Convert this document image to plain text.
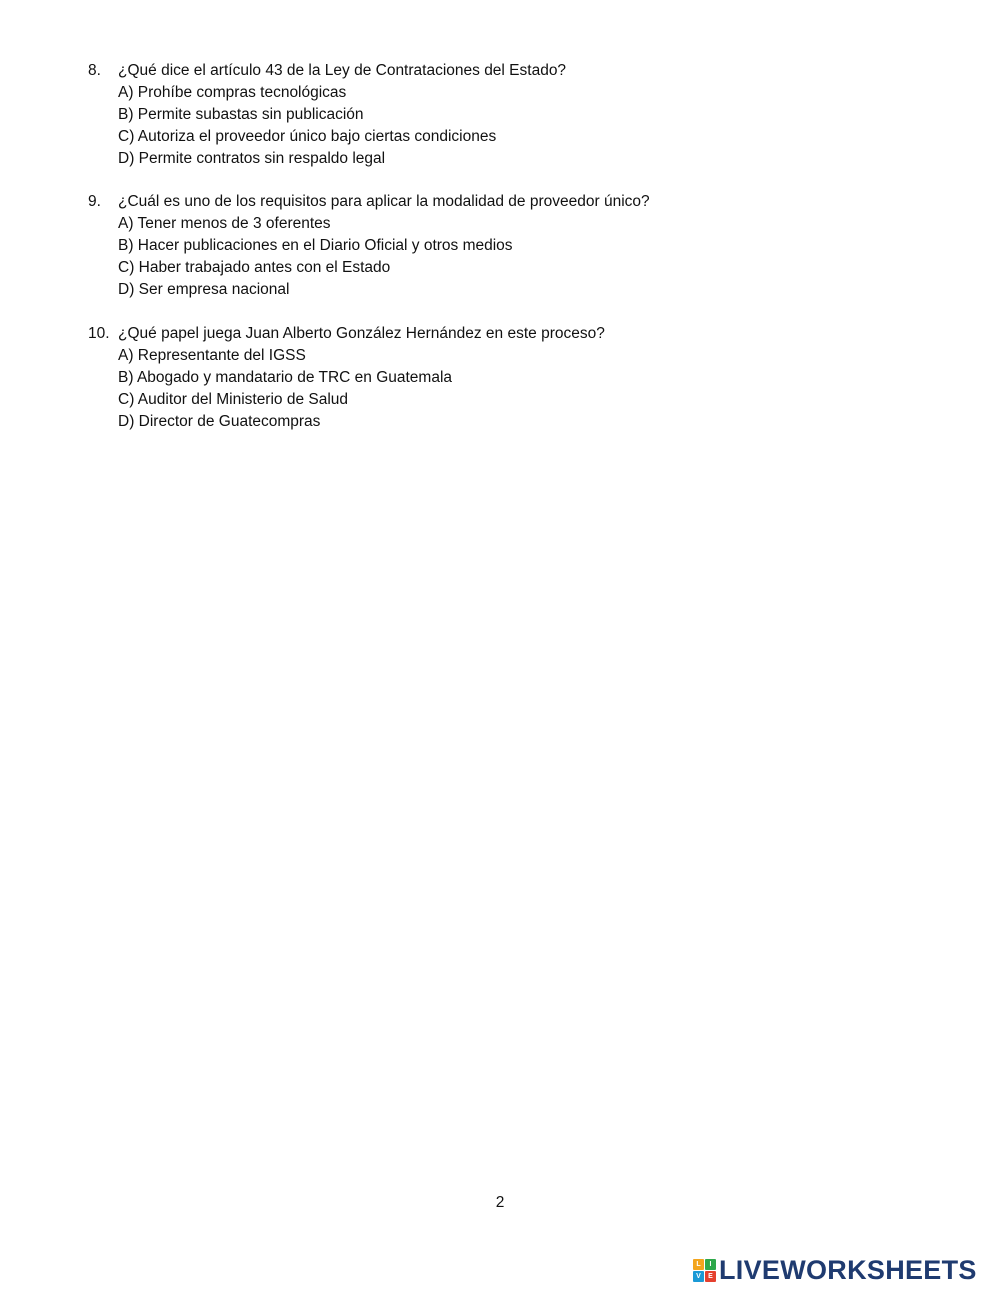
8.	¿Qué dice el artículo 43 de la Ley de Contrataciones del Estado?
A) Prohíbe compras tecnológicas
B) Permite subastas sin publicación
C) Autoriza el proveedor único bajo ciertas condiciones
D) Permite contratos sin respaldo legal
9.	¿Cuál es uno de los requisitos para aplicar la modalidad de proveedor único?
A) Tener menos de 3 oferentes
B) Hacer publicaciones en el Diario Oficial y otros medios
C) Haber trabajado antes con el Estado
D) Ser empresa nacional
10. ¿Qué papel juega Juan Alberto González Hernández en este proceso?
A) Representante del IGSS
B) Abogado y mandatario de TRC en Guatemala
C) Auditor del Ministerio de Salud
D) Director de Guatecompras
2
L	I
V	E LIVEWORKSHEETS
